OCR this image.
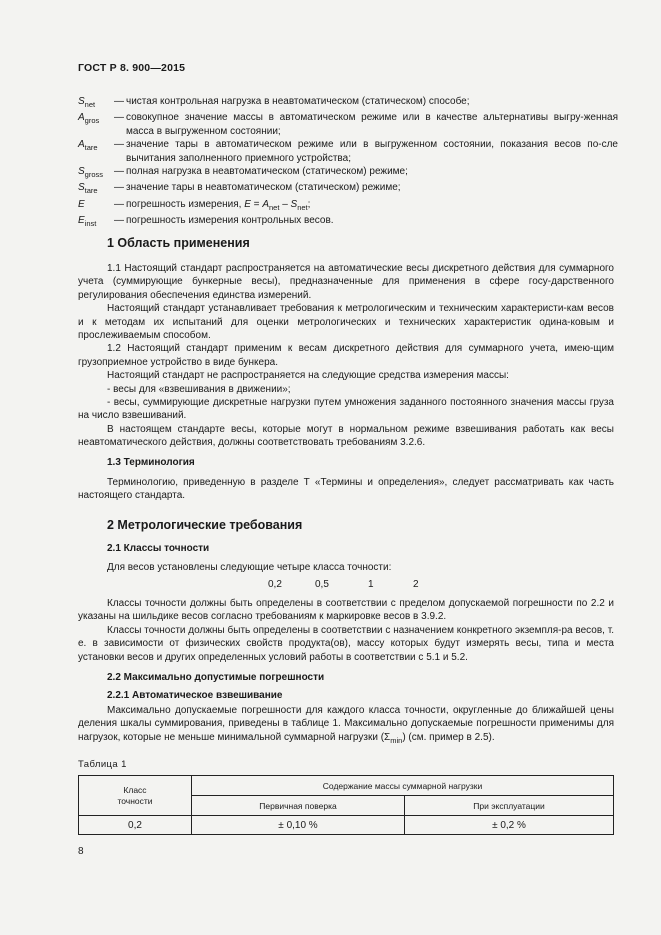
ГОСТ Р 8. 900—2015
$S_{net}$	— чистая контрольная нагрузка в неавтоматическом (статическом) способе;
$A_{gros}$	— совокупное значение массы в автоматическом режиме или в качестве альтернативы выгру-женная масса в выгруженном состоянии;
$A_{tare}$	— значение тары в автоматическом режиме или в выгруженном состоянии, показания весов по-сле вычитания заполненного приемного устройства;
$S_{gross}$	— полная нагрузка в неавтоматическом (статическом) режиме;
$S_{tare}$	— значение тары в неавтоматическом (статическом) режиме;
E	— погрешность измерения, $E = A_{net} - S_{net}$;
$E_{inst}$	— погрешность измерения контрольных весов.
1 Область применения

1.1 Настоящий стандарт распространяется на автоматические весы дискретного действия для суммарного учета (суммирующие бункерные весы), предназначенные для применения в сфере госу-дарственного регулирования обеспечения единства измерений.

Настоящий стандарт устанавливает требования к метрологическим и техническим характеристи-кам весов и к методам их испытаний для оценки метрологических и технических характеристик одина-ковым и прослеживаемым способом.

1.2 Настоящий стандарт применим к весам дискретного действия для суммарного учета, имею-щим грузоприемное устройство в виде бункера.

Настоящий стандарт не распространяется на следующие средства измерения массы:

- весы для «взвешивания в движении»;

- весы, суммирующие дискретные нагрузки путем умножения заданного постоянного значения массы груза на число взвешиваний.

В настоящем стандарте весы, которые могут в нормальном режиме взвешивания работать как весы неавтоматического действия, должны соответствовать требованиям 3.2.6.

1.3 Терминология

Терминологию, приведенную в разделе Т «Термины и определения», следует рассматривать как часть настоящего стандарта.

2 Метрологические требования
2.1 Классы точности

Для весов установлены следующие четыре класса точности:

0,2	0,5	1	2

Классы точности должны быть определены в соответствии с пределом допускаемой погрешности по 2.2 и указаны на шильдике весов согласно требованиям к маркировке весов в 3.9.2.

Классы точности должны быть определены в соответствии с назначением конкретного экземпля-ра весов, т. е. в зависимости от физических свойств продукта(ов), массу которых будут измерять весы, типа и места установки весов и других определенных условий работы в соответствии с 5.1 и 5.2.

2.2 Максимально допустимые погрешности
2.2.1 Автоматическое взвешивание

Максимально допускаемые погрешности для каждого класса точности, округленные до ближайшей цены деления шкалы суммирования, приведены в таблице 1. Максимально допускаемые погрешности применимы для нагрузок, которые не меньше минимальной суммарной нагрузки $(\Sigma_{min})$ (см. пример в 2.5).

Таблица 1
Класс точности	Содержание массы суммарной нагрузки	
	Первичная поверка	При эксплуатации
0,2	± 0,10 %	± 0,2 %
8
